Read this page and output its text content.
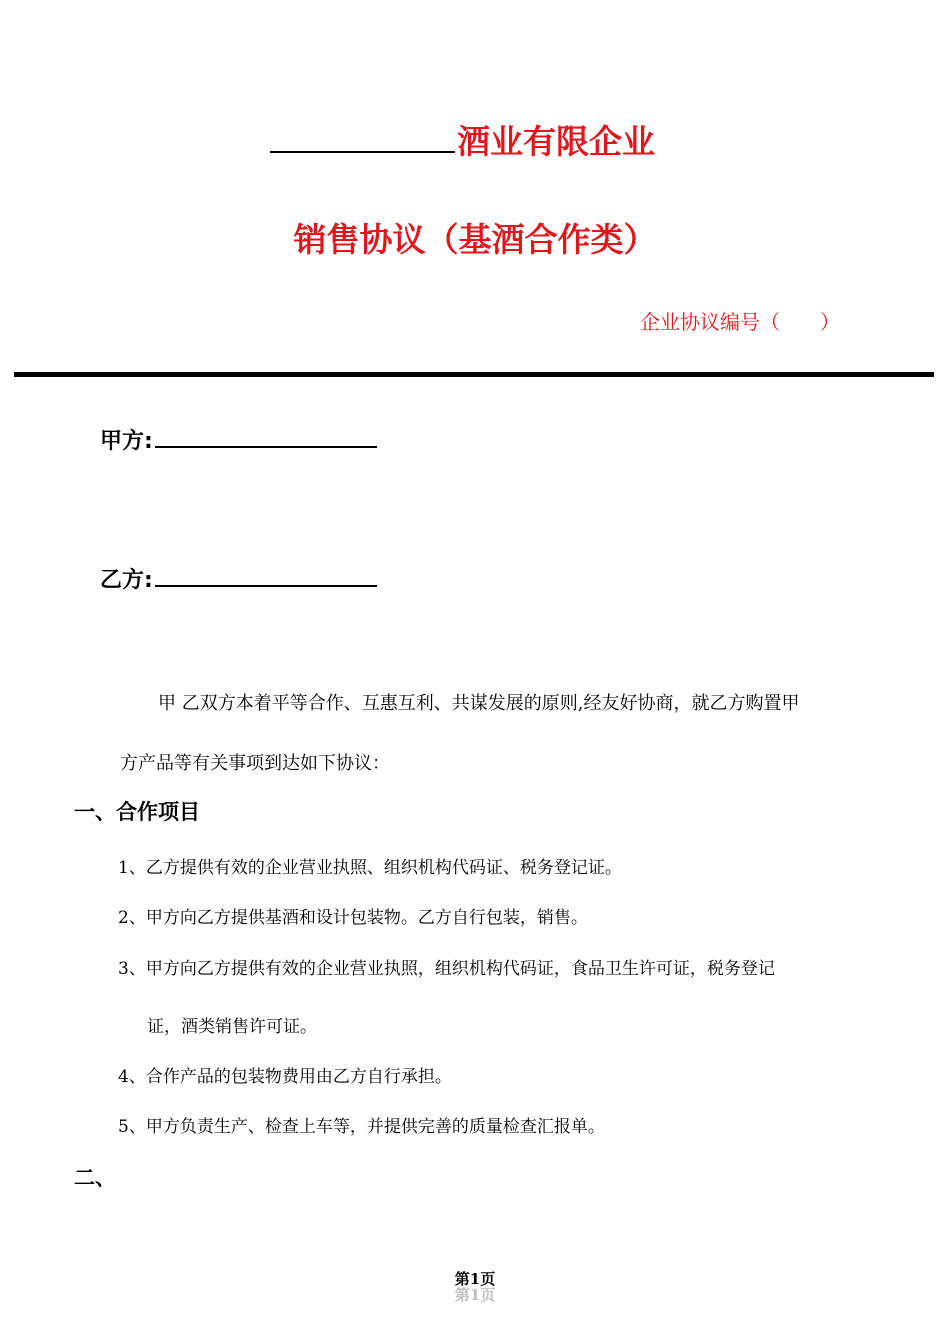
酒业有限企业
销售协议（基酒合作类）
企业协议编号（　　）
甲方:
乙方:
甲 乙双方本着平等合作、互惠互利、共谋发展的原则,经友好协商，就乙方购置甲
方产品等有关事项到达如下协议：
一、合作项目
1、乙方提供有效的企业营业执照、组织机构代码证、税务登记证。
2、甲方向乙方提供基酒和设计包装物。乙方自行包装，销售。
3、甲方向乙方提供有效的企业营业执照，组织机构代码证，食品卫生许可证，税务登记
证，酒类销售许可证。
4、合作产品的包装物费用由乙方自行承担。
5、甲方负责生产、检查上车等，并提供完善的质量检查汇报单。
二、
第1页
第1页
